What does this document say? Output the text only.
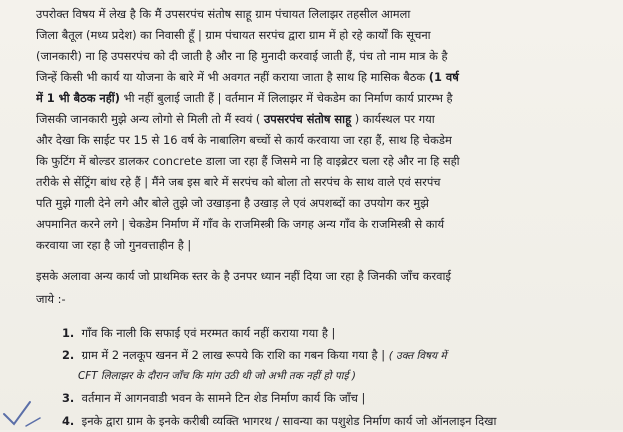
उपरोक्त विषय में लेख है कि मैं उपसरपंच संतोष साहू ग्राम पंचायत लिलाझर तहसील आमला
जिला बैतूल (मध्य प्रदेश) का निवासी हूँ | ग्राम पंचायत सरपंच द्वारा ग्राम में हो रहे कार्यों कि सूचना
(जानकारी) ना हि उपसरपंच को दी जाती है और ना हि मुनादी करवाई जाती हैं, पंच तो नाम मात्र के है
जिन्हें किसी भी कार्य या योजना के बारे में भी अवगत नहीं कराया जाता है साथ हि मासिक बैठक (1 वर्ष
में 1 भी बैठक नहीं) भी नहीं बुलाई जाती हैं | वर्तमान में लिलाझर में चेकडेम का निर्माण कार्य प्रारम्भ है
जिसकी जानकारी मुझे अन्य लोगो से मिली तो मैं स्वयं ( उपसरपंच संतोष साहू ) कार्यस्थल पर गया
और देखा कि साईट पर 15 से 16 वर्ष के नाबालिग बच्चों से कार्य करवाया जा रहा हैं, साथ हि चेकडेम
कि फुटिंग में बोल्डर डालकर concrete डाला जा रहा हैं जिसमे ना हि वाइब्रेटर चला रहे और ना हि सही
तरीके से सेंट्रिंग बांध रहे हैं | मैंने जब इस बारे में सरपंच को बोला तो सरपंच के साथ वाले एवं सरपंच
पति मुझे गाली देने लगे और बोले तुझे जो उखाड़ना है उखाड़ ले एवं अपशब्दों का उपयोग कर मुझे
अपमानित करने लगे | चेकडेम निर्माण में गाँव के राजमिस्त्री कि जगह अन्य गाँव के राजमिस्त्री से कार्य
करवाया जा रहा है जो गुनवत्ताहीन है |
इसके अलावा अन्य कार्य जो प्राथमिक स्तर के है उनपर ध्यान नहीं दिया जा रहा है जिनकी जाँच करवाई
जाये :-
1. गाँव कि नाली कि सफाई एवं मरम्मत कार्य नहीं कराया गया है |
2. ग्राम में 2 नलकूप खनन में 2 लाख रूपये कि राशि का गबन किया गया है | ( उक्त विषय में
CFT लिलाझर के दौरान जाँच कि मांग उठी थी जो अभी तक नहीं हो पाई )
3. वर्तमान में आगनवाडी भवन के सामने टिन शेड निर्माण कार्य कि जाँच |
4. इनके द्वारा ग्राम के इनके करीबी व्यक्ति भागरथ / सावन्या का पशुशेड निर्माण कार्य जो ऑनलाइन दिखा
